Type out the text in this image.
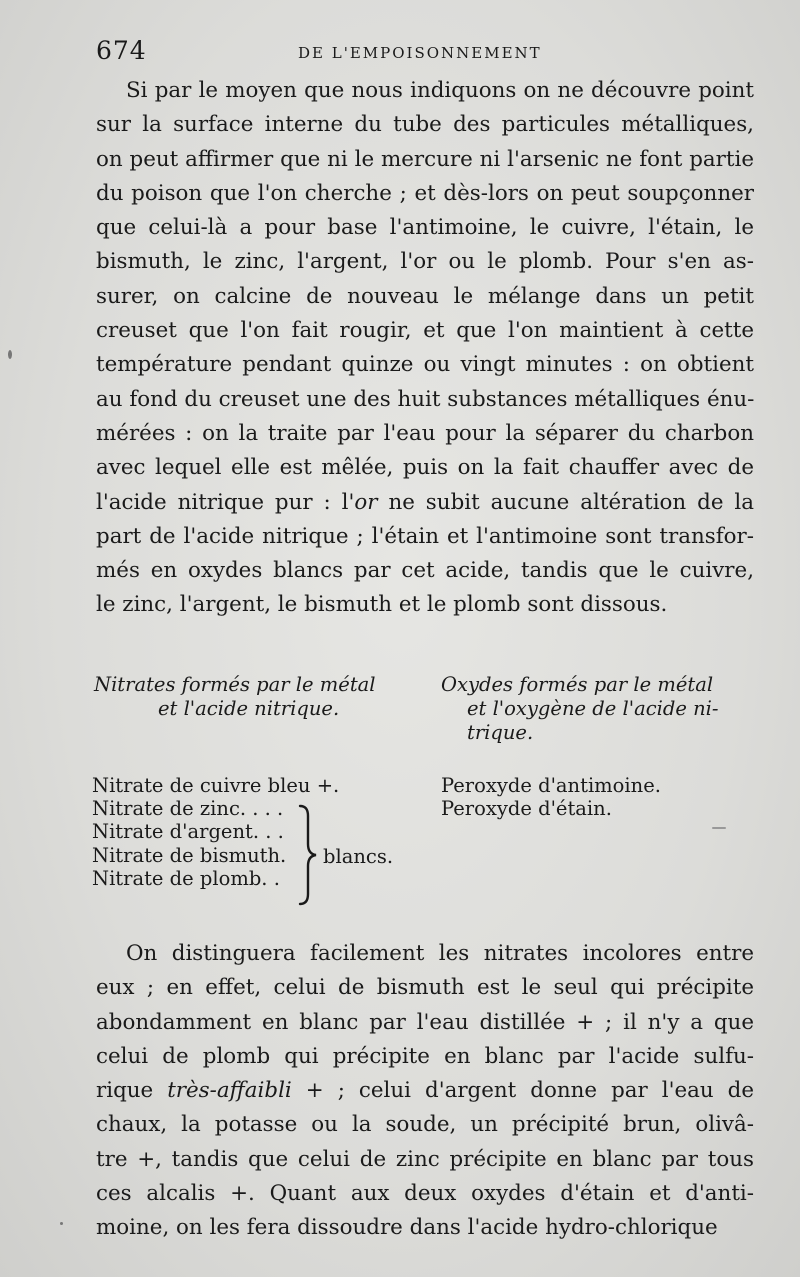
674	DE L'EMPOISONNEMENT
Si par le moyen que nous indiquons on ne découvre point
sur la surface interne du tube des particules métalliques,
on peut affirmer que ni le mercure ni l'arsenic ne font partie
du poison que l'on cherche ; et dès-lors on peut soupçonner
que celui-là a pour base l'antimoine, le cuivre, l'étain, le
bismuth, le zinc, l'argent, l'or ou le plomb. Pour s'en as-
surer, on calcine de nouveau le mélange dans un petit
creuset que l'on fait rougir, et que l'on maintient à cette
température pendant quinze ou vingt minutes : on obtient
au fond du creuset une des huit substances métalliques énu-
mérées : on la traite par l'eau pour la séparer du charbon
avec lequel elle est mêlée, puis on la fait chauffer avec de
l'acide nitrique pur : l'or ne subit aucune altération de la
part de l'acide nitrique ; l'étain et l'antimoine sont transfor-
més en oxydes blancs par cet acide, tandis que le cuivre,
le zinc, l'argent, le bismuth et le plomb sont dissous.
Nitrates formés par le métal
et l'acide nitrique.
Oxydes formés par le métal
et l'oxygène de l'acide ni-
trique.
Nitrate de cuivre bleu +.
Nitrate de zinc. . . .
Nitrate d'argent. . .
Nitrate de bismuth.
Nitrate de plomb. .
blancs.
Peroxyde d'antimoine.
Peroxyde d'étain.
On distinguera facilement les nitrates incolores entre
eux ; en effet, celui de bismuth est le seul qui précipite
abondamment en blanc par l'eau distillée + ; il n'y a que
celui de plomb qui précipite en blanc par l'acide sulfu-
rique très-affaibli + ; celui d'argent donne par l'eau de
chaux, la potasse ou la soude, un précipité brun, olivâ-
tre +, tandis que celui de zinc précipite en blanc par tous
ces alcalis +. Quant aux deux oxydes d'étain et d'anti-
moine, on les fera dissoudre dans l'acide hydro-chlorique
